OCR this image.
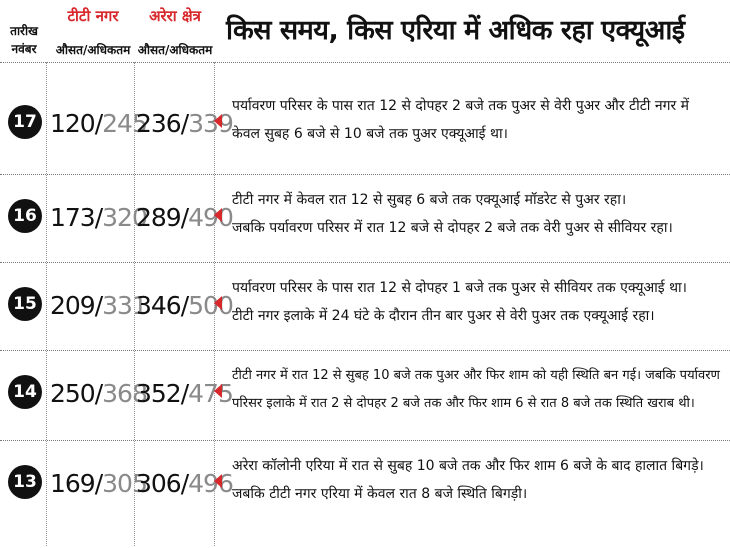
तारीख
नवंबर
टीटी नगर
औसत/अधिकतम
अरेरा क्षेत्र
औसत/अधिकतम
किस समय, किस एरिया में अधिक रहा एक्यूआई
17 120/245
236/339
पर्यावरण परिसर के पास रात 12 से दोपहर 2 बजे तक पुअर से वेरी पुअर और टीटी नगर में
केवल सुबह 6 बजे से 10 बजे तक पुअर एक्यूआई था।
16 173/320
289/490
टीटी नगर में केवल रात 12 से सुबह 6 बजे तक एक्यूआई मॉडरेट से पुअर रहा।
जबकि पर्यावरण परिसर में रात 12 बजे से दोपहर 2 बजे तक वेरी पुअर से सीवियर रहा।
15 209/331
346/500
पर्यावरण परिसर के पास रात 12 से दोपहर 1 बजे तक पुअर से सीवियर तक एक्यूआई था।
टीटी नगर इलाके में 24 घंटे के दौरान तीन बार पुअर से वेरी पुअर तक एक्यूआई रहा।
14 250/368
352/475
टीटी नगर में रात 12 से सुबह 10 बजे तक पुअर और फिर शाम को यही स्थिति बन गई। जबकि पर्यावरण
परिसर इलाके में रात 2 से दोपहर 2 बजे तक और फिर शाम 6 से रात 8 बजे तक स्थिति खराब थी।
13 169/305
306/496
अरेरा कॉलोनी एरिया में रात से सुबह 10 बजे तक और फिर शाम 6 बजे के बाद हालात बिगड़े।
जबकि टीटी नगर एरिया में केवल रात 8 बजे स्थिति बिगड़ी।
